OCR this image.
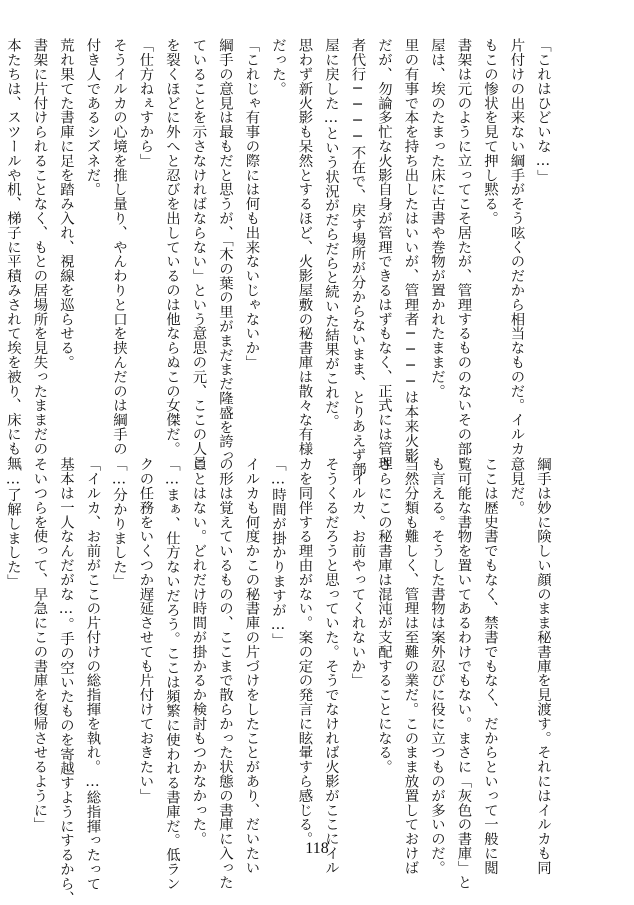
「これはひどいな…」
片付けの出来ない綱手がそう呟くのだから相当なものだ。イルカ
もこの惨状を見て押し黙る。
書架は元のように立ってこそ居たが、管理するもののないその部
屋は、埃のたまった床に古書や巻物が置かれたままだ。
里の有事で本を持ち出したはいいが、管理者────は本来火影
だが、勿論多忙な火影自身が管理できるはずもなく、正式には管理
者代行────不在で、戻す場所が分からないまま、とりあえず部
屋に戻した…という状況がだらだらと続いた結果がこれだ。
思わず新火影も呆然とするほど、火影屋敷の秘書庫は散々な有様
だった。
「これじゃ有事の際には何も出来ないじゃないか」
綱手の意見は最もだと思うが、「木の葉の里がまだまだ隆盛を誇っ
ていることを示さなければならない」という意思の元、ここの人員
を裂くほどに外へと忍びを出しているのは他ならぬこの女傑だ。
「仕方ねぇすから」
そうイルカの心境を推し量り、やんわりと口を挟んだのは綱手の
付き人であるシズネだ。
荒れ果てた書庫に足を踏み入れ、視線を巡らせる。
書架に片付けられることなく、もとの居場所を見失ったままだの
本たちは、スツールや机、梯子に平積みされて埃を被り、床にも無
綱手は妙に険しい顔のまま秘書庫を見渡す。それにはイルカも同
意見だ。
ここは歴史書でもなく、禁書でもなく、だからといって一般に閲
覧可能な書物を置いてあるわけでもない。まさに「灰色の書庫」と
も言える。そうした書物は案外忍びに役に立つものが多いのだ。
当然分類も難しく、管理は至難の業だ。このまま放置しておけば
さらにこの秘書庫は混沌が支配することになる。
「イルカ、お前やってくれないか」
そうくるだろうと思っていた。そうでなければ火影がここにイル
カを同伴する理由がない。案の定の発言に眩暈すら感じる。
「…時間が掛かりますが…」
イルカも何度かこの秘書庫の片づけをしたことがあり、だいたい
の形は覚えているものの、ここまで散らかった状態の書庫に入った
ことはない。どれだけ時間が掛かるか検討もつかなかった。
「…まぁ、仕方ないだろう。ここは頻繁に使われる書庫だ。低ラン
クの任務をいくつか遅延させても片付けておきたい」
「…分かりました」
「イルカ、お前がここの片付けの総指揮を執れ。…総指揮ったって
基本は一人なんだがな…。手の空いたものを寄越すようにするから、
そいつらを使って、早急にこの書庫を復帰させるように」
「…了解しました」
118
